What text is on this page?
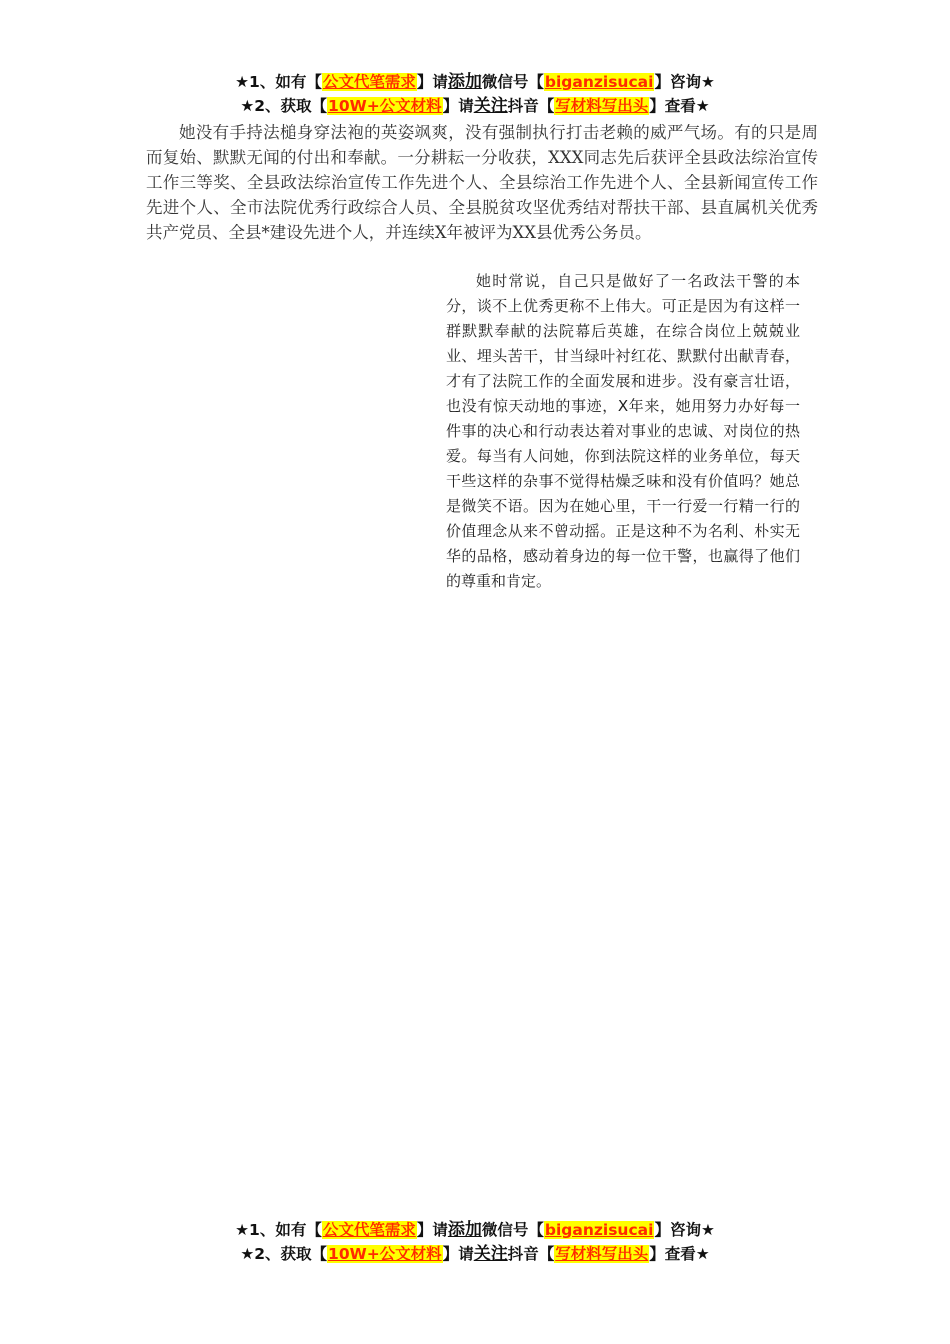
★1、如有【公文代笔需求】请添加微信号【biganzisucai】咨询★
★2、获取【10W+公文材料】请关注抖音【写材料写出头】查看★

她没有手持法槌身穿法袍的英姿飒爽，没有强制执行打击老赖的威严气场。有的只是周而复始、默默无闻的付出和奉献。一分耕耘一分收获，XXX同志先后获评全县政法综治宣传工作三等奖、全县政法综治宣传工作先进个人、全县综治工作先进个人、全县新闻宣传工作先进个人、全市法院优秀行政综合人员、全县脱贫攻坚优秀结对帮扶干部、县直属机关优秀共产党员、全县*建设先进个人，并连续X年被评为XX县优秀公务员。

她时常说，自己只是做好了一名政法干警的本分，谈不上优秀更称不上伟大。可正是因为有这样一群默默奉献的法院幕后英雄，在综合岗位上兢兢业业、埋头苦干，甘当绿叶衬红花、默默付出献青春，才有了法院工作的全面发展和进步。没有豪言壮语，也没有惊天动地的事迹，X年来，她用努力办好每一件事的决心和行动表达着对事业的忠诚、对岗位的热爱。每当有人问她，你到法院这样的业务单位，每天干些这样的杂事不觉得枯燥乏味和没有价值吗？她总是微笑不语。因为在她心里，干一行爱一行精一行的价值理念从来不曾动摇。正是这种不为名利、朴实无华的品格，感动着身边的每一位干警，也赢得了他们的尊重和肯定。

★1、如有【公文代笔需求】请添加微信号【biganzisucai】咨询★
★2、获取【10W+公文材料】请关注抖音【写材料写出头】查看★
